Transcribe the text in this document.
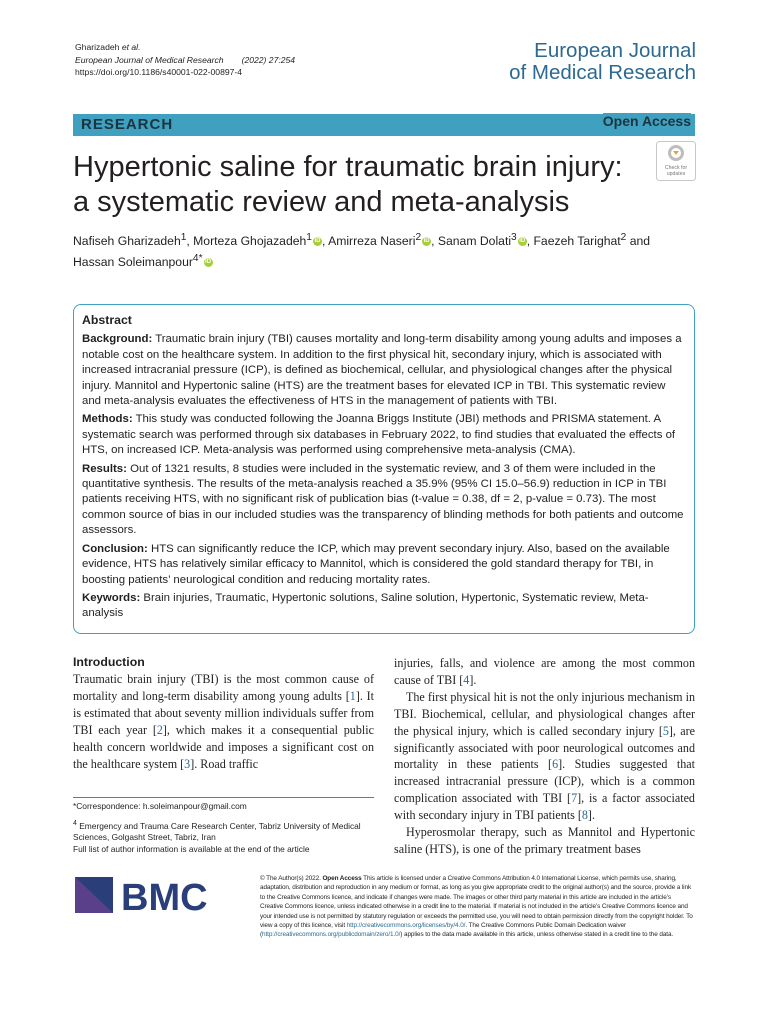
Gharizadeh et al.
European Journal of Medical Research (2022) 27:254
https://doi.org/10.1186/s40001-022-00897-4
European Journal
of Medical Research
RESEARCH	Open Access
Hypertonic saline for traumatic brain injury: a systematic review and meta-analysis
Check for
updates
Nafiseh Gharizadeh$^1$, Morteza Ghojazadeh$^1$ iD , Amirreza Naseri$^2$ iD , Sanam Dolati$^3$ iD , Faezeh Tarighat$^2$ and Hassan Soleimanpour$^{4*}$ iD
Abstract

Background: Traumatic brain injury (TBI) causes mortality and long-term disability among young adults and imposes a notable cost on the healthcare system. In addition to the first physical hit, secondary injury, which is associated with increased intracranial pressure (ICP), is defined as biochemical, cellular, and physiological changes after the physical injury. Mannitol and Hypertonic saline (HTS) are the treatment bases for elevated ICP in TBI. This systematic review and meta-analysis evaluates the effectiveness of HTS in the management of patients with TBI.

Methods: This study was conducted following the Joanna Briggs Institute (JBI) methods and PRISMA statement. A systematic search was performed through six databases in February 2022, to find studies that evaluated the effects of HTS, on increased ICP. Meta-analysis was performed using comprehensive meta-analysis (CMA).

Results: Out of 1321 results, 8 studies were included in the systematic review, and 3 of them were included in the quantitative synthesis. The results of the meta-analysis reached a 35.9% (95% CI 15.0–56.9) reduction in ICP in TBI patients receiving HTS, with no significant risk of publication bias (t-value = 0.38, df = 2, p-value = 0.73). The most common source of bias in our included studies was the transparency of blinding methods for both patients and outcome assessors.

Conclusion: HTS can significantly reduce the ICP, which may prevent secondary injury. Also, based on the available evidence, HTS has relatively similar efficacy to Mannitol, which is considered the gold standard therapy for TBI, in boosting patients’ neurological condition and reducing mortality rates.

Keywords: Brain injuries, Traumatic, Hypertonic solutions, Saline solution, Hypertonic, Systematic review, Meta-analysis

Introduction

Traumatic brain injury (TBI) is the most common cause of mortality and long-term disability among young adults [1]. It is estimated that about seventy million individuals suffer from TBI each year [2], which makes it a consequential public health concern worldwide and imposes a significant cost on the healthcare system [3]. Road traffic

injuries, falls, and violence are among the most common cause of TBI [4].

The first physical hit is not the only injurious mechanism in TBI. Biochemical, cellular, and physiological changes after the physical injury, which is called secondary injury [5], are significantly associated with poor neurological outcomes and mortality in these patients [6]. Studies suggested that increased intracranial pressure (ICP), which is a common complication associated with TBI [7], is a factor associated with secondary injury in TBI patients [8].

Hyperosmolar therapy, such as Mannitol and Hypertonic saline (HTS), is one of the primary treatment bases

*Correspondence: h.soleimanpour@gmail.com

$^4$ Emergency and Trauma Care Research Center, Tabriz University of Medical Sciences, Golgasht Street, Tabriz, Iran
Full list of author information is available at the end of the article

BMC	© The Author(s) 2022. Open Access This article is licensed under a Creative Commons Attribution 4.0 International License, which permits use, sharing, adaptation, distribution and reproduction in any medium or format, as long as you give appropriate credit to the original author(s) and the source, provide a link to the Creative Commons licence, and indicate if changes were made. The images or other third party material in this article are included in the article’s Creative Commons licence, unless indicated otherwise in a credit line to the material. If material is not included in the article’s Creative Commons licence and your intended use is not permitted by statutory regulation or exceeds the permitted use, you will need to obtain permission directly from the copyright holder. To view a copy of this licence, visit http://creativecommons.org/licenses/by/4.0/. The Creative Commons Public Domain Dedication waiver (http://creativecommons.org/publicdomain/zero/1.0/) applies to the data made available in this article, unless otherwise stated in a credit line to the data.
